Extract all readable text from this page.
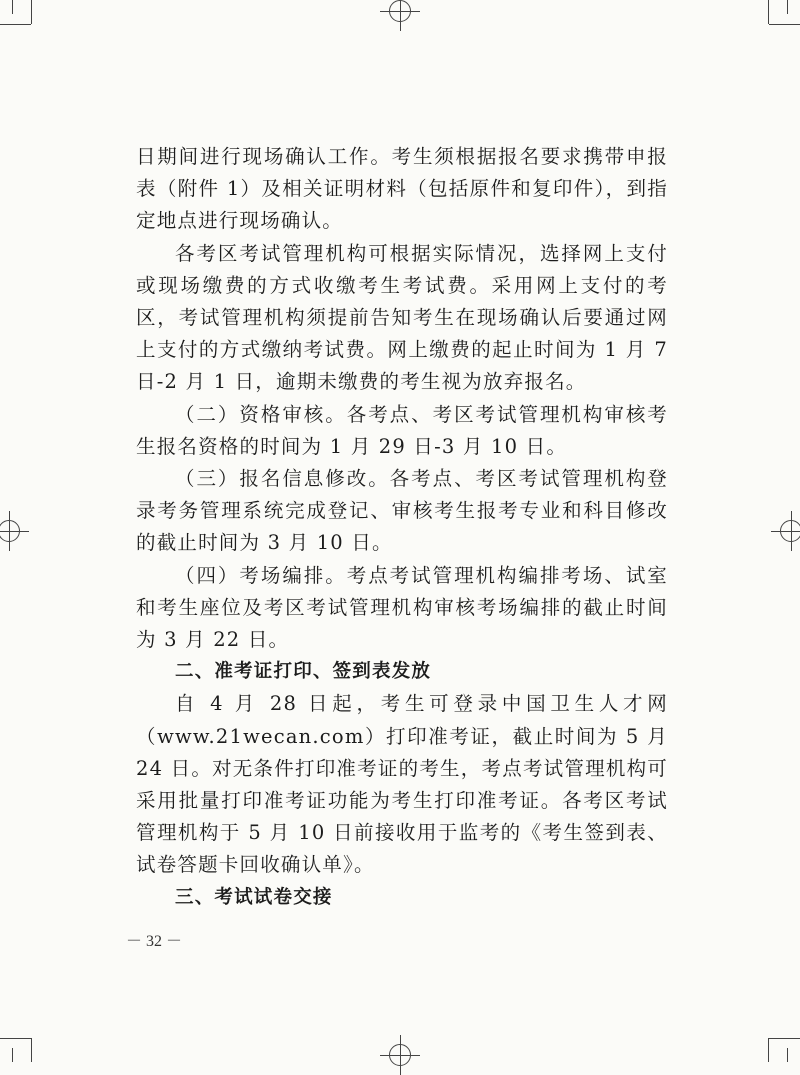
日期间进行现场确认工作。考生须根据报名要求携带申报表（附件 1）及相关证明材料（包括原件和复印件），到指定地点进行现场确认。

各考区考试管理机构可根据实际情况，选择网上支付或现场缴费的方式收缴考生考试费。采用网上支付的考区，考试管理机构须提前告知考生在现场确认后要通过网上支付的方式缴纳考试费。网上缴费的起止时间为 1 月 7 日-2 月 1 日，逾期未缴费的考生视为放弃报名。

（二）资格审核。各考点、考区考试管理机构审核考生报名资格的时间为 1 月 29 日-3 月 10 日。

（三）报名信息修改。各考点、考区考试管理机构登录考务管理系统完成登记、审核考生报考专业和科目修改的截止时间为 3 月 10 日。

（四）考场编排。考点考试管理机构编排考场、试室和考生座位及考区考试管理机构审核考场编排的截止时间为 3 月 22 日。

二、准考证打印、签到表发放

自 4 月 28 日起，考生可登录中国卫生人才网（www.21wecan.com）打印准考证，截止时间为 5 月 24 日。对无条件打印准考证的考生，考点考试管理机构可采用批量打印准考证功能为考生打印准考证。各考区考试管理机构于 5 月 10 日前接收用于监考的《考生签到表、试卷答题卡回收确认单》。

三、考试试卷交接

－ 32 －
